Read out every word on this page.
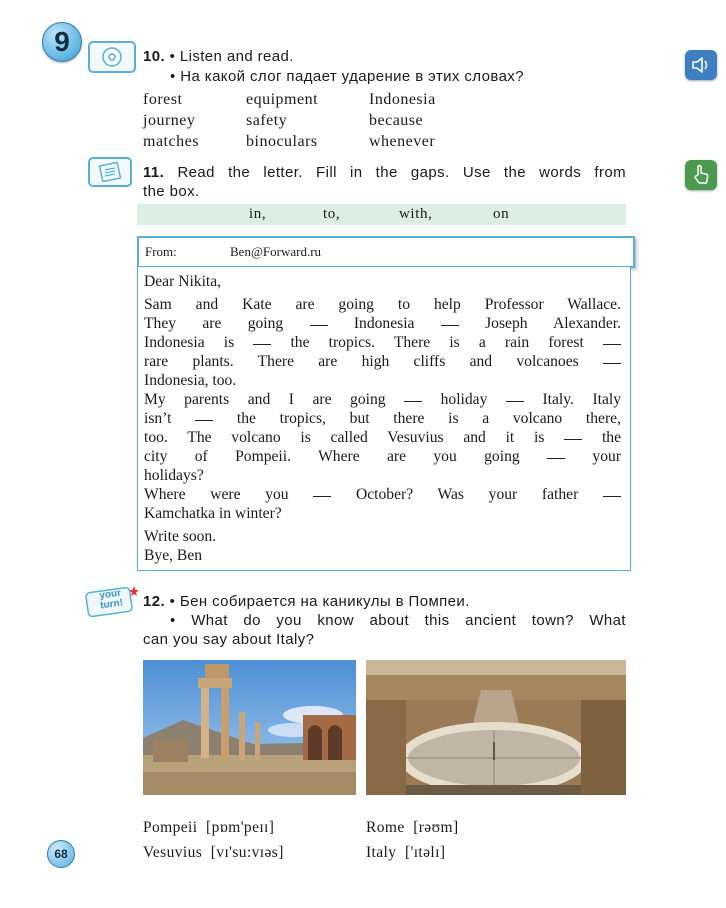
9	10. • Listen and read.
• На какой слог падает ударение в этих словах?
forest	equipment	Indonesia
journey	safety	because
matches	binoculars	whenever
11. Read the letter. Fill in the gaps. Use the words from
the box.
in,	to,	with,	on
From:	Ben@Forward.ru
Dear Nikita,
Sam and Kate are going to help Professor Wallace.
They are going	Indonesia	Joseph Alexander.
Indonesia is	the tropics. There is a rain forest
rare plants. There are high cliffs and volcanoes
Indonesia, too.
My parents and I are going	holiday	Italy. Italy
isn’t	the tropics, but there is a volcano there,
too. The volcano is called Vesuvius and it is	the
city of Pompeii. Where are you going	your
holidays?
Where were you	October? Was your father
Kamchatka in winter?
Write soon.
Bye, Ben
your turn!	12. • Бен собирается на каникулы в Помпеи.
• What do you know about this ancient town? What
can you say about Italy?
Pompeii [pɒm'peɪɪ]	Rome [rəʊm]
Vesuvius [vɪ'su:vɪəs]	Italy ['ɪtəlɪ]
68
